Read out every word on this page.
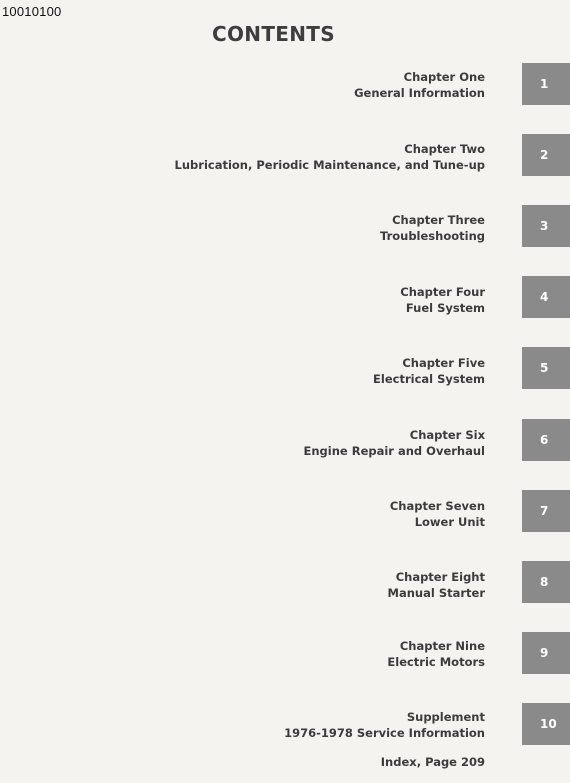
10010100
CONTENTS
Chapter One
General Information
1
Chapter Two
Lubrication, Periodic Maintenance, and Tune-up
2
Chapter Three
Troubleshooting
3
Chapter Four
Fuel System
4
Chapter Five
Electrical System
5
Chapter Six
Engine Repair and Overhaul
6
Chapter Seven
Lower Unit
7
Chapter Eight
Manual Starter
8
Chapter Nine
Electric Motors
9
Supplement
1976-1978 Service Information
10
Index, Page 209
